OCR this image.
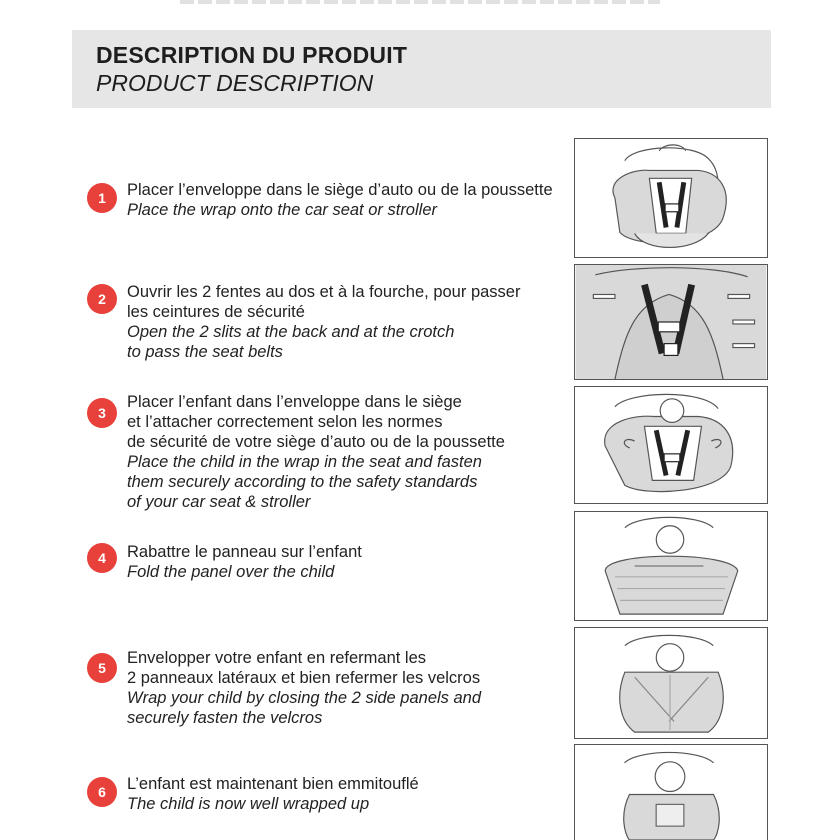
DESCRIPTION DU PRODUIT
PRODUCT DESCRIPTION
1	Placer l’enveloppe dans le siège d’auto ou de la poussette
Place the wrap onto the car seat or stroller
2	Ouvrir les 2 fentes au dos et à la fourche, pour passer
les ceintures de sécurité
Open the 2 slits at the back and at the crotch
to pass the seat belts
3
Placer l’enfant dans l’enveloppe dans le siège
et l’attacher correctement selon les normes
de sécurité de votre siège d’auto ou de la poussette
Place the child in the wrap in the seat and fasten
them securely according to the safety standards
of your car seat & stroller
4	Rabattre le panneau sur l’enfant
Fold the panel over the child
5
Envelopper votre enfant en refermant les
2 panneaux latéraux et bien refermer les velcros
Wrap your child by closing the 2 side panels and
securely fasten the velcros
6	L’enfant est maintenant bien emmitouflé
The child is now well wrapped up
